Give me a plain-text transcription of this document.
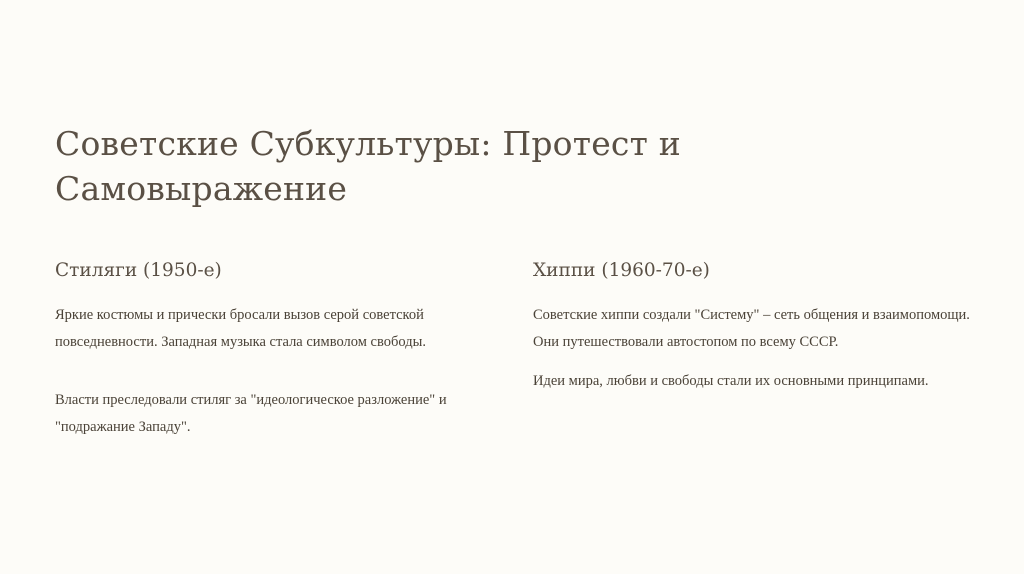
Советские Субкультуры: Протест и Самовыражение
Стиляги (1950-е)

Яркие костюмы и прически бросали вызов серой советской повседневности. Западная музыка стала символом свободы.

Власти преследовали стиляг за "идеологическое разложение" и "подражание Западу".

Хиппи (1960-70-е)

Советские хиппи создали "Систему" – сеть общения и взаимопомощи. Они путешествовали автостопом по всему СССР.

Идеи мира, любви и свободы стали их основными принципами.
